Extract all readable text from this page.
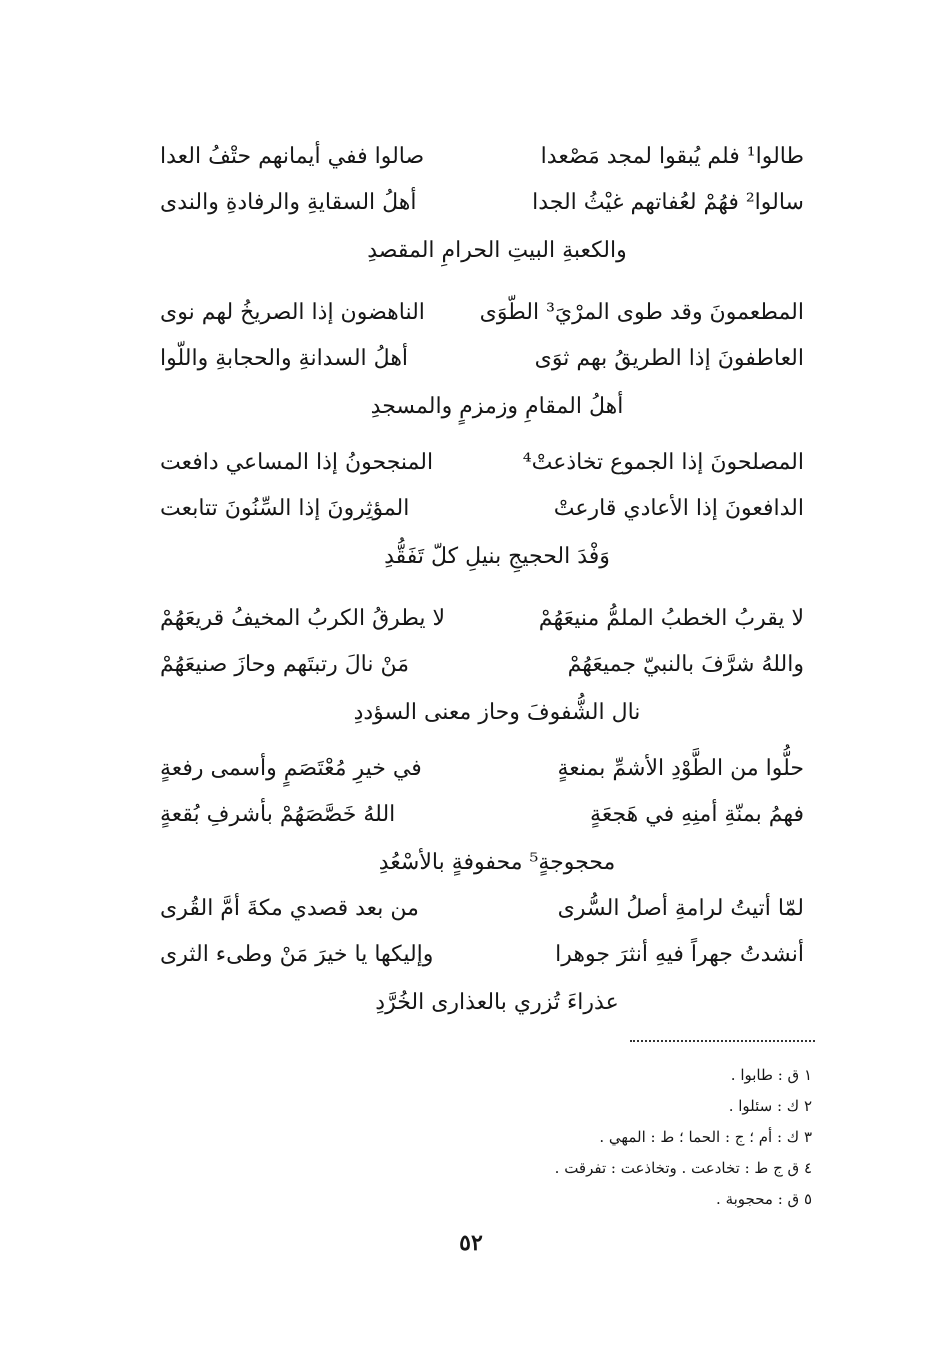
طالوا¹ فلم يُبقوا لمجد مَصْعدا
صالوا ففي أيمانهم حتْفُ العدا
سالوا² فهُمْ لعُفاتهم غيْثُ الجدا
أهلُ السقايةِ والرفادةِ والندى
والكعبةِ البيتِ الحرامِ المقصدِ
المطعمونَ وقد طوى المرْيَ³ الطّوَى
الناهضون إذا الصريخُ لهم نوى
العاطفونَ إذا الطريقُ بهم ثوَى
أهلُ السدانةِ والحجابةِ واللّوا
أهلُ المقامِ وزمزمٍ والمسجدِ
المصلحونَ إذا الجموع تخاذعتْ⁴
المنجحونُ إذا المساعي دافعت
الدافعونَ إذا الأعادي قارعتْ
المؤثِرونَ إذا السِّنُونَ تتابعت
وَفْدَ الحجيجِ بنيلِ كلّ تَفَقُّدِ
لا يقربُ الخطبُ الملمُّ منيعَهُمْ
لا يطرقُ الكربُ المخيفُ قريعَهُمْ
واللهُ شرَّفَ بالنبيّ جميعَهُمْ
مَنْ نالَ رتبتَهم وحازَ صنيعَهُمْ
نال الشُّفوفَ وحاز معنى السؤددِ
حلُّوا من الطَّوْدِ الأشمِّ بمنعةٍ
في خيرِ مُعْتَصَمٍ وأسمى رفعةٍ
فهمُ بمنّةِ أمنِهِ في هَجعَةٍ
اللهُ خَصَّصَهُمْ بأشرفِ بُقعةٍ
محجوجةٍ⁵ محفوفةٍ بالأسْعُدِ
لمّا أتيتُ لرامةِ أصلُ السُّرى
من بعد قصدي مكةَ أمَّ القُرى
أنشدتُ جهراً فيهِ أنثرَ جوهرا
وإليكها يا خيرَ مَنْ وطىء الثرى
عذراءَ تُزري بالعذارى الخُرَّدِ
١ ق : طابوا .
٢ ك : سئلوا .
٣ ك : أم ؛ ج : الحما ؛ ط : المهي .
٤ ق ج ط : تخادعت . وتخاذعت : تفرقت .
٥ ق : محجوبة .
٥٢
